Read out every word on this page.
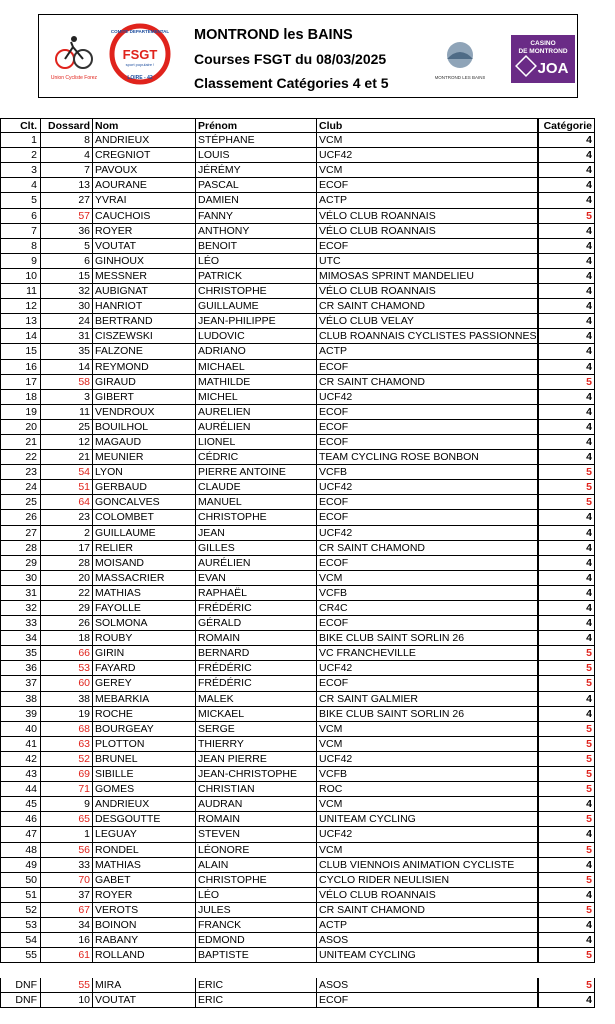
Union Cycliste Forez
COMITE DEPARTEMENTAL
FSGT
sport populaire !
LOIRE - 42
MONTROND les BAINS
Courses FSGT du 08/03/2025
Classement Catégories 4 et 5	MONTROND LES BAINS
CASINO
DE MONTROND
JOA
Clt.	Dossard Nom	Prénom	Club	Catégorie
1	8 ANDRIEUX	STÉPHANE	VCM	4
2	4 CREGNIOT	LOUIS	UCF42	4
3	7 PAVOUX	JÉRÉMY	VCM	4
4	13 AOURANE	PASCAL	ECOF	4
5	27 YVRAI	DAMIEN	ACTP	4
6	57 CAUCHOIS	FANNY	VÉLO CLUB ROANNAIS	5
7	36 ROYER	ANTHONY	VÉLO CLUB ROANNAIS	4
8	5 VOUTAT	BENOIT	ECOF	4
9	6 GINHOUX	LÉO	UTC	4
10	15 MESSNER	PATRICK	MIMOSAS SPRINT MANDELIEU	4
11	32 AUBIGNAT	CHRISTOPHE	VÉLO CLUB ROANNAIS	4
12	30 HANRIOT	GUILLAUME	CR SAINT CHAMOND	4
13	24 BERTRAND	JEAN-PHILIPPE	VÉLO CLUB VELAY	4
14	31 CISZEWSKI	LUDOVIC	CLUB ROANNAIS CYCLISTES PASSIONNES	4
15	35 FALZONE	ADRIANO	ACTP	4
16	14 REYMOND	MICHAEL	ECOF	4
17	58 GIRAUD	MATHILDE	CR SAINT CHAMOND	5
18	3 GIBERT	MICHEL	UCF42	4
19	11 VENDROUX	AURELIEN	ECOF	4
20	25 BOUILHOL	AURÉLIEN	ECOF	4
21	12 MAGAUD	LIONEL	ECOF	4
22	21 MEUNIER	CÉDRIC	TEAM CYCLING ROSE BONBON	4
23	54 LYON	PIERRE ANTOINE	VCFB	5
24	51 GERBAUD	CLAUDE	UCF42	5
25	64 GONCALVES	MANUEL	ECOF	5
26	23 COLOMBET	CHRISTOPHE	ECOF	4
27	2 GUILLAUME	JEAN	UCF42	4
28	17 RELIER	GILLES	CR SAINT CHAMOND	4
29	28 MOISAND	AURÉLIEN	ECOF	4
30	20 MASSACRIER	EVAN	VCM	4
31	22 MATHIAS	RAPHAËL	VCFB	4
32	29 FAYOLLE	FRÉDÉRIC	CR4C	4
33	26 SOLMONA	GÉRALD	ECOF	4
34	18 ROUBY	ROMAIN	BIKE CLUB SAINT SORLIN 26	4
35	66 GIRIN	BERNARD	VC FRANCHEVILLE	5
36	53 FAYARD	FRÉDÉRIC	UCF42	5
37	60 GEREY	FRÉDÉRIC	ECOF	5
38	38 MEBARKIA	MALEK	CR SAINT GALMIER	4
39	19 ROCHE	MICKAEL	BIKE CLUB SAINT SORLIN 26	4
40	68 BOURGEAY	SERGE	VCM	5
41	63 PLOTTON	THIERRY	VCM	5
42	52 BRUNEL	JEAN PIERRE	UCF42	5
43	69 SIBILLE	JEAN-CHRISTOPHE	VCFB	5
44	71 GOMES	CHRISTIAN	ROC	5
45	9 ANDRIEUX	AUDRAN	VCM	4
46	65 DESGOUTTE	ROMAIN	UNITEAM CYCLING	5
47	1 LEGUAY	STEVEN	UCF42	4
48	56 RONDEL	LÉONORE	VCM	5
49	33 MATHIAS	ALAIN	CLUB VIENNOIS ANIMATION CYCLISTE	4
50	70 GABET	CHRISTOPHE	CYCLO RIDER NEULISIEN	5
51	37 ROYER	LÉO	VÉLO CLUB ROANNAIS	4
52	67 VEROTS	JULES	CR SAINT CHAMOND	5
53	34 BOINON	FRANCK	ACTP	4
54	16 RABANY	EDMOND	ASOS	4
55	61 ROLLAND	BAPTISTE	UNITEAM CYCLING	5
DNF	55 MIRA	ERIC	ASOS	5
DNF	10 VOUTAT	ERIC	ECOF	4
